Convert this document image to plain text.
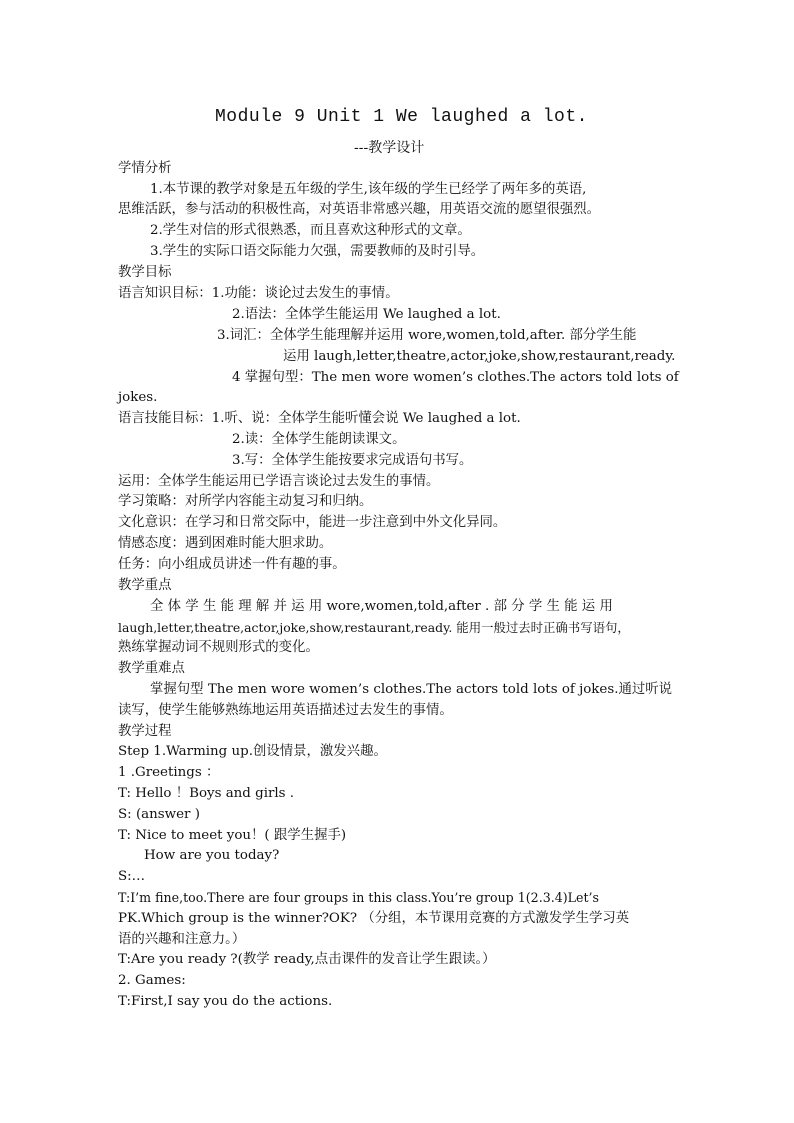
Module 9 Unit 1 We laughed a lot.
---教学设计
学情分析
1.本节课的教学对象是五年级的学生,该年级的学生已经学了两年多的英语,
思维活跃，参与活动的积极性高，对英语非常感兴趣，用英语交流的愿望很强烈。
2.学生对信的形式很熟悉，而且喜欢这种形式的文章。
3.学生的实际口语交际能力欠强，需要教师的及时引导。
教学目标
语言知识目标：1.功能：谈论过去发生的事情。
2.语法：全体学生能运用 We laughed a lot.
3.词汇：全体学生能理解并运用 wore,women,told,after. 部分学生能
运用 laugh,letter,theatre,actor,joke,show,restaurant,ready.
4 掌握句型：The men wore women’s clothes.The actors told lots of
jokes.
语言技能目标：1.听、说：全体学生能听懂会说 We laughed a lot.
2.读：全体学生能朗读课文。
3.写：全体学生能按要求完成语句书写。
运用：全体学生能运用已学语言谈论过去发生的事情。
学习策略：对所学内容能主动复习和归纳。
文化意识：在学习和日常交际中，能进一步注意到中外文化异同。
情感态度：遇到困难时能大胆求助。
任务：向小组成员讲述一件有趣的事。
教学重点
全 体 学 生 能 理 解 并 运 用 wore,women,told,after . 部 分 学 生 能 运 用
laugh,letter,theatre,actor,joke,show,restaurant,ready. 能用一般过去时正确书写语句，
熟练掌握动词不规则形式的变化。
教学重难点
掌握句型 The men wore women’s clothes.The actors told lots of jokes.通过听说
读写，使学生能够熟练地运用英语描述过去发生的事情。
教学过程
Step 1.Warming up.创设情景，激发兴趣。
1 .Greetings ：
T: Hello ！Boys and girls .
S: (answer )
T: Nice to meet you！( 跟学生握手)
How are you today?
S:…
T:I’m fine,too.There are four groups in this class.You’re group 1(2.3.4)Let’s
PK.Which group is the winner?OK? （分组，本节课用竞赛的方式激发学生学习英
语的兴趣和注意力。）
T:Are you ready ?(教学 ready,点击课件的发音让学生跟读。）
2. Games:
T:First,I say you do the actions.
